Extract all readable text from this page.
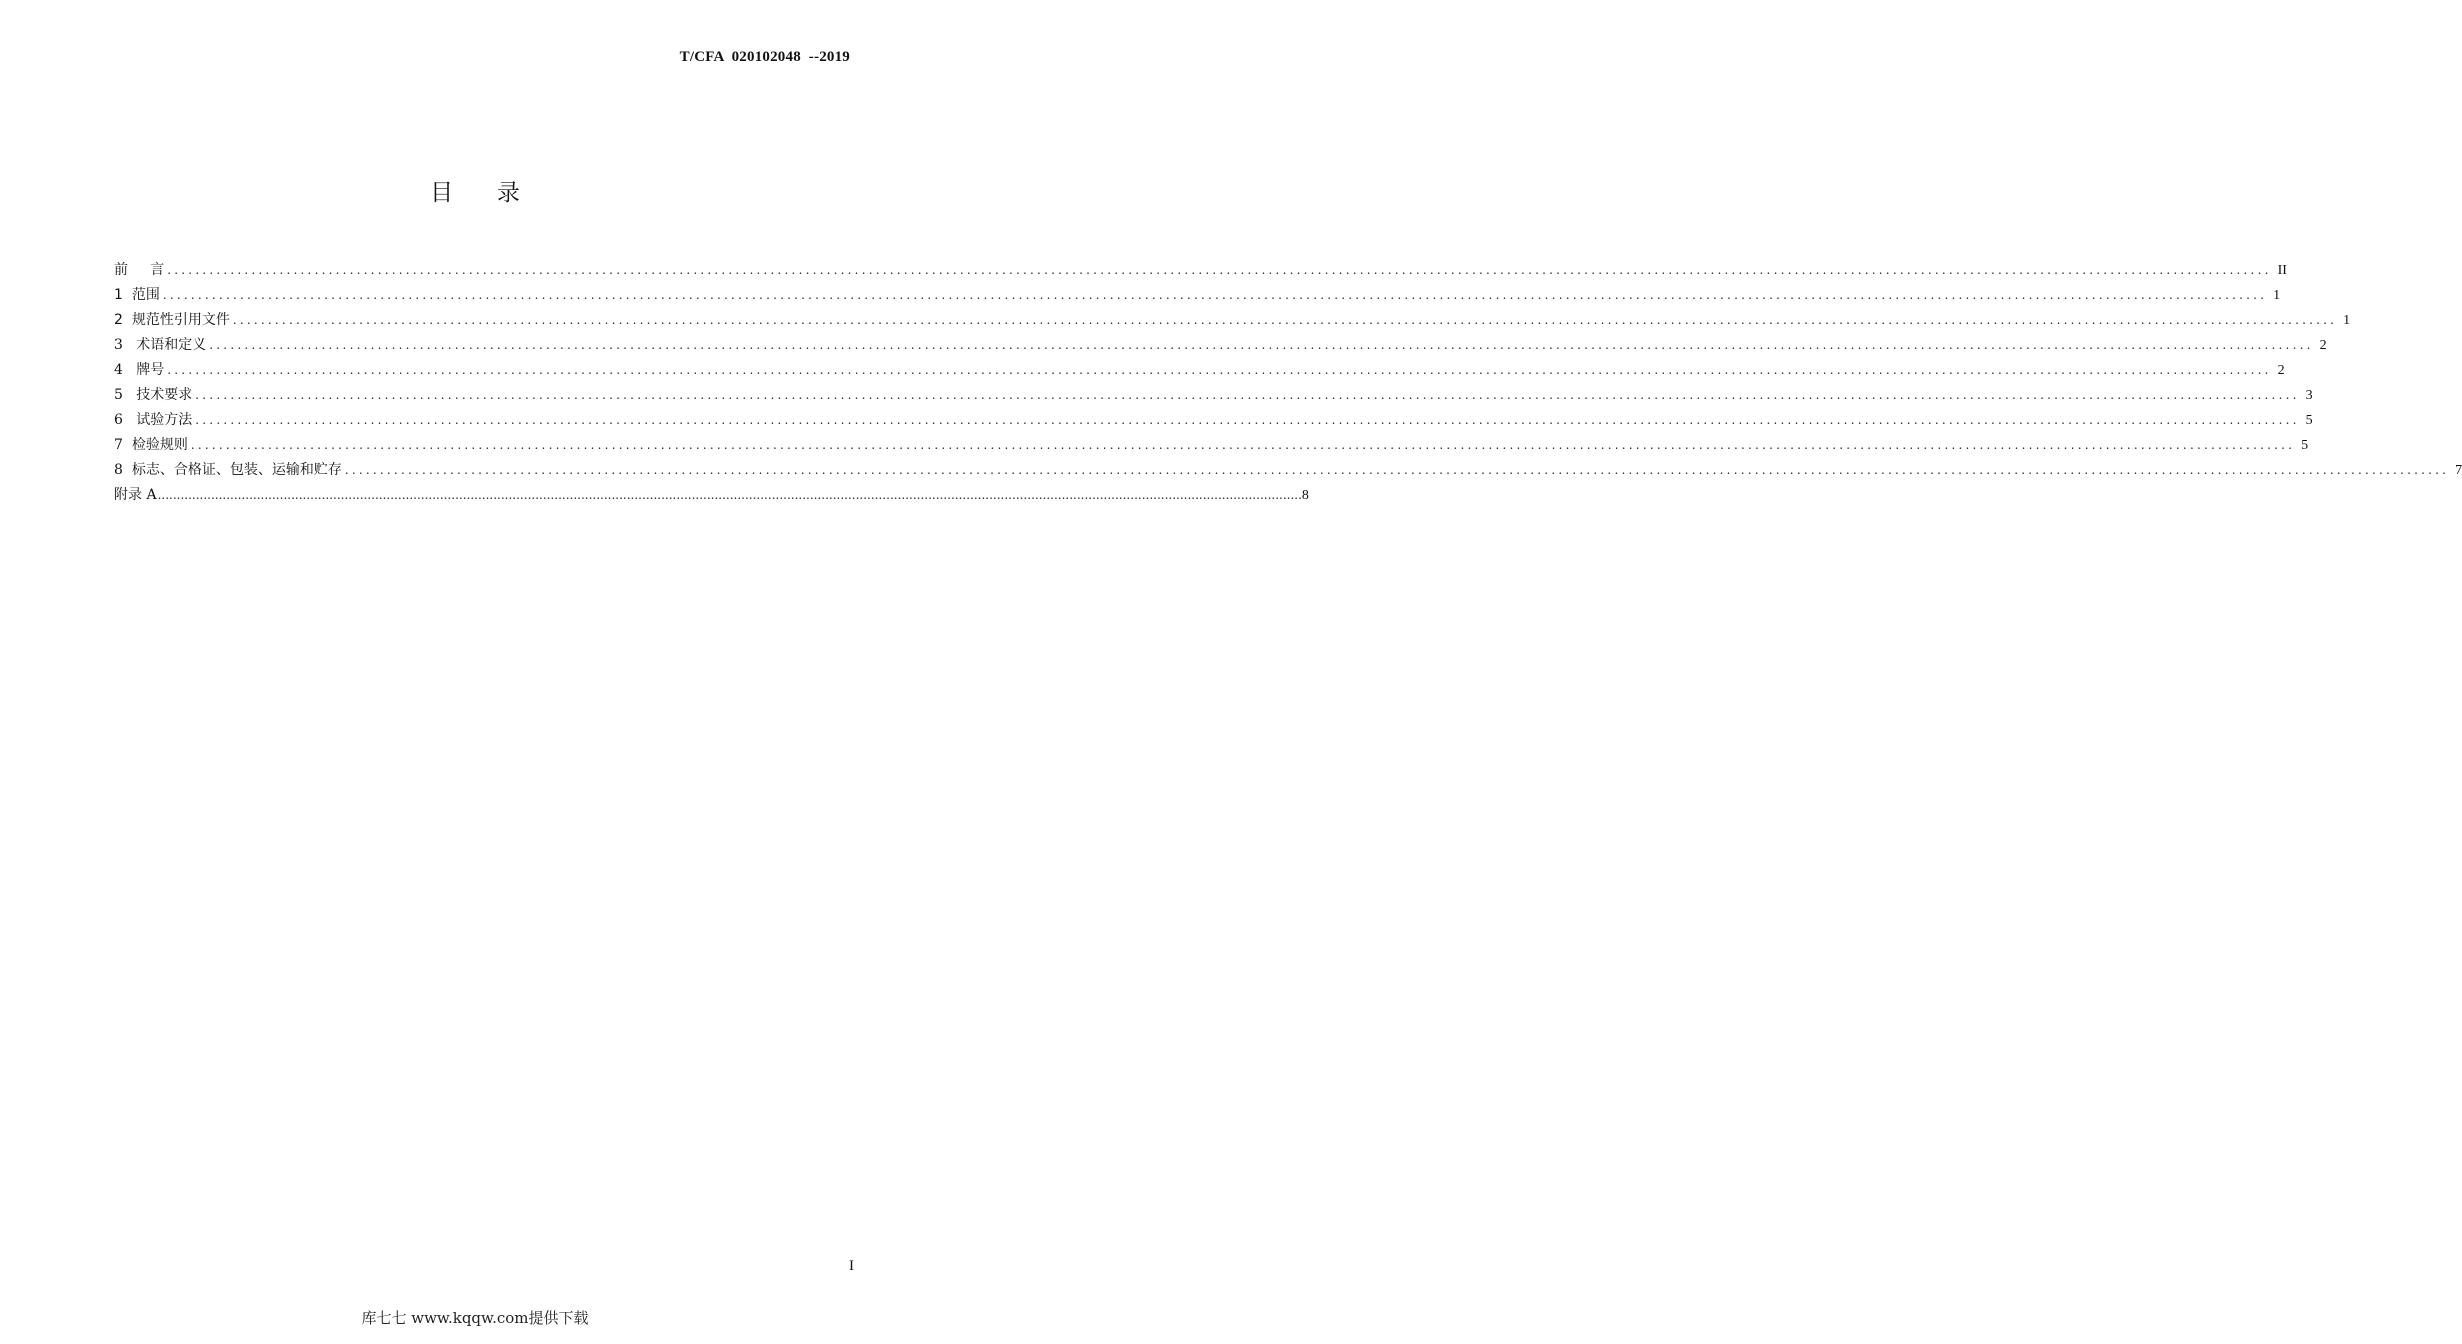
T/CFA  020102048  --2019
目      录
前 言 ............................................................................................................................................................................................................................................................................................................ II
1 范围 ............................................................................................................................................................................................................................................................................................................ 1
2 规范性引用文件 ............................................................................................................................................................................................................................................................................................................ 1
3 术语和定义 ............................................................................................................................................................................................................................................................................................................ 2
4 牌号 ............................................................................................................................................................................................................................................................................................................ 2
5 技术要求 ............................................................................................................................................................................................................................................................................................................ 3
6 试验方法 ............................................................................................................................................................................................................................................................................................................ 5
7 检验规则 ............................................................................................................................................................................................................................................................................................................ 5
8 标志、合格证、包装、运输和贮存 ............................................................................................................................................................................................................................................................................................................ 7
附录 A ............................................................................................................................................................................................................................................................................................................ 8
I
库七七 www.kqqw.com提供下载
